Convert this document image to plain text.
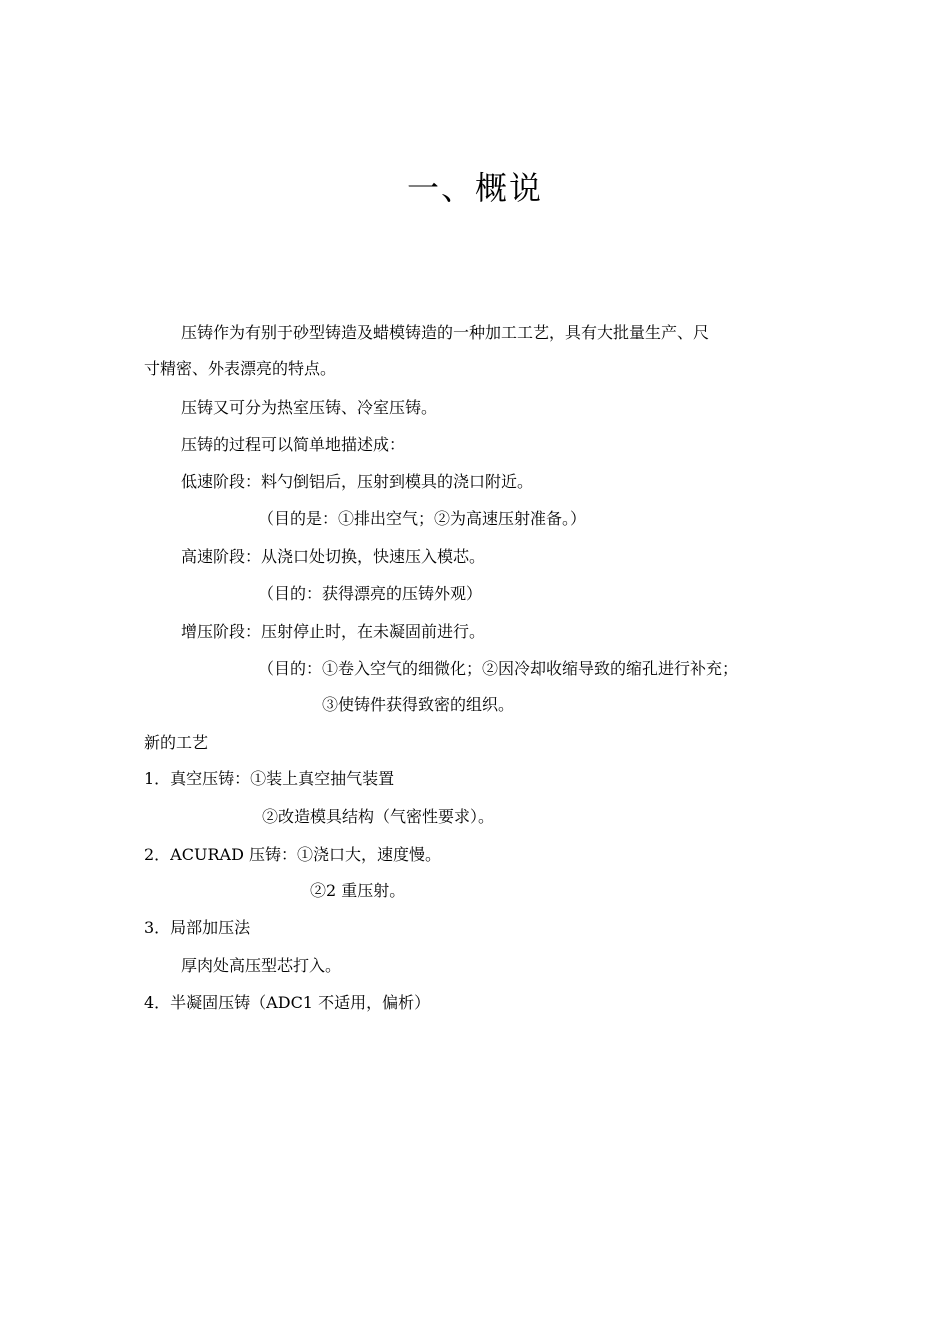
一、概说
压铸作为有别于砂型铸造及蜡模铸造的一种加工工艺，具有大批量生产、尺
寸精密、外表漂亮的特点。
压铸又可分为热室压铸、冷室压铸。
压铸的过程可以简单地描述成：
低速阶段：料勺倒铝后，压射到模具的浇口附近。
（目的是：①排出空气；②为高速压射准备。）
高速阶段：从浇口处切换，快速压入模芯。
（目的：获得漂亮的压铸外观）
增压阶段：压射停止时，在未凝固前进行。
（目的：①卷入空气的细微化；②因冷却收缩导致的缩孔进行补充；
③使铸件获得致密的组织。
新的工艺
1．真空压铸：①装上真空抽气装置
②改造模具结构（气密性要求）。
2．ACURAD 压铸：①浇口大，速度慢。
②2 重压射。
3．局部加压法
厚肉处高压型芯打入。
4．半凝固压铸（ADC1 不适用，偏析）
